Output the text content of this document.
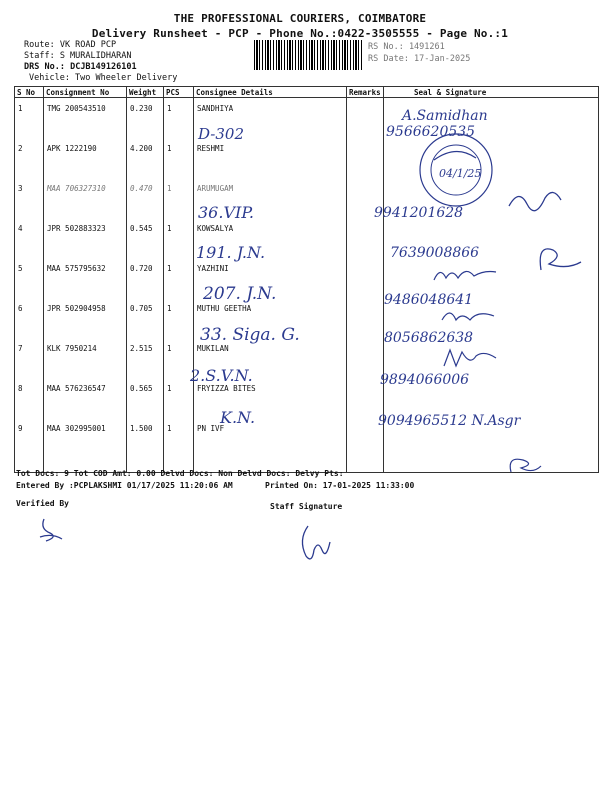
THE PROFESSIONAL COURIERS, COIMBATORE
Delivery Runsheet - PCP - Phone No.:0422-3505555 - Page No.:1
Route: VK ROAD PCP
Staff: S MURALIDHARAN
DRS No.: DCJB149126101
Vehicle: Two Wheeler Delivery
RS No.: 1491261
RS Date: 17-Jan-2025
S No	Consignment No	Weight	PCS	Consignee Details	Remarks	Seal & Signature
1	TMG 200543510	0.230	1	SANDHIYA		
2	APK 1222190	4.200	1	RESHMI		
3	MAA 706327310	0.470	1	ARUMUGAM		
4	JPR 502883323	0.545	1	KOWSALYA		
5	MAA 575795632	0.720	1	YAZHINI		
6	JPR 502904958	0.705	1	MUTHU GEETHA		
7	KLK 7950214	2.515	1	MUKILAN		
8	MAA 576236547	0.565	1	FRYIZZA BITES		
9	MAA 302995001	1.500	1	PN IVF		
D-302
36.VIP.
191. J.N.
207. J.N.
33. Siga. G.
2.S.V.N.
K.N.
A.Samidhan
9566620535
9941201628
7639008866
9486048641
8056862638
9894066006
9094965512 N.Asgr
04/1/25
Tot Docs: 9 Tot COD Amt: 0.00 Delvd Docs: Non Delvd Docs: Delvy Pts:
Entered By :PCPLAKSHMI 01/17/2025 11:20:06 AM	Printed On: 17-01-2025 11:33:00
Verified By	Staff Signature
